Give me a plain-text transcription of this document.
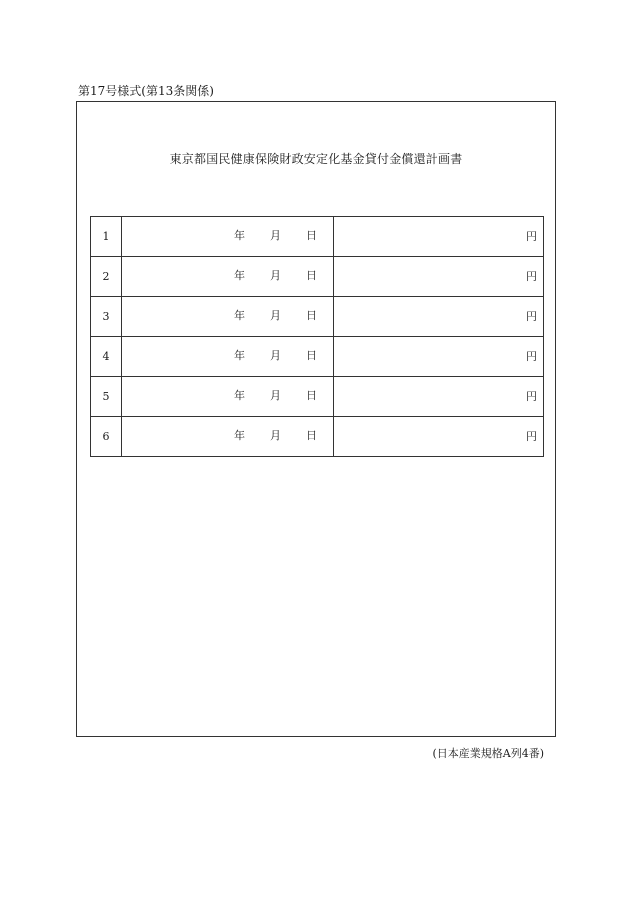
第17号様式(第13条関係)
東京都国民健康保険財政安定化基金貸付金償還計画書
1	年 月 日	円
2	年 月 日	円
3	年 月 日	円
4	年 月 日	円
5	年 月 日	円
6	年 月 日	円
(日本産業規格A列4番)
